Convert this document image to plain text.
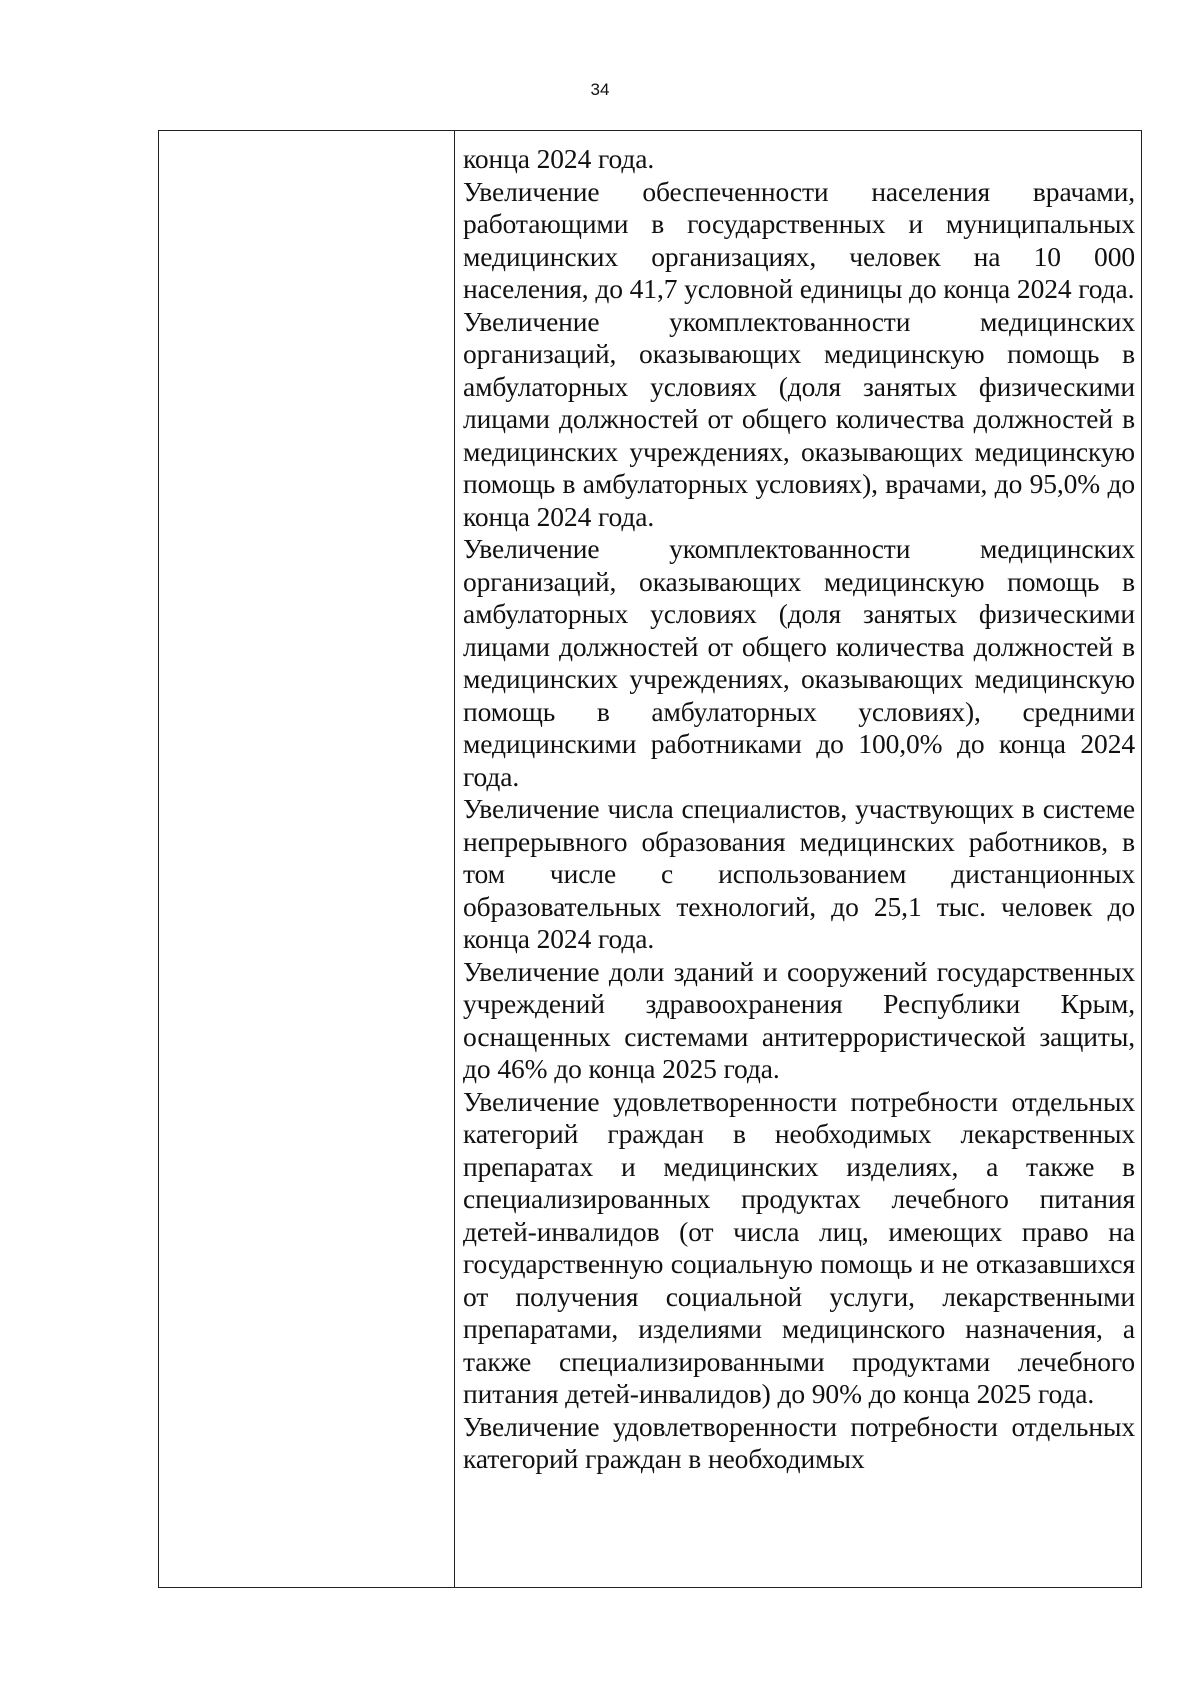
34

конца 2024 года.

Увеличение обеспеченности населения врачами, работающими в государственных и муниципальных медицинских организациях, человек на 10 000 населения, до 41,7 условной единицы до конца 2024 года.

Увеличение укомплектованности медицинских организаций, оказывающих медицинскую помощь в амбулаторных условиях (доля занятых физическими лицами должностей от общего количества должностей в медицинских учреждениях, оказывающих медицинскую помощь в амбулаторных условиях), врачами, до 95,0% до конца 2024 года.

Увеличение укомплектованности медицинских организаций, оказывающих медицинскую помощь в амбулаторных условиях (доля занятых физическими лицами должностей от общего количества должностей в медицинских учреждениях, оказывающих медицинскую помощь в амбулаторных условиях), средними медицинскими работниками до 100,0% до конца 2024 года.

Увеличение числа специалистов, участвующих в системе непрерывного образования медицинских работников, в том числе с использованием дистанционных образовательных технологий, до 25,1 тыс. человек до конца 2024 года.

Увеличение доли зданий и сооружений государственных учреждений здравоохранения Республики Крым, оснащенных системами антитеррористической защиты, до 46% до конца 2025 года.

Увеличение удовлетворенности потребности отдельных категорий граждан в необходимых лекарственных препаратах и медицинских изделиях, а также в специализированных продуктах лечебного питания детей-инвалидов (от числа лиц, имеющих право на государственную социальную помощь и не отказавшихся от получения социальной услуги, лекарственными препаратами, изделиями медицинского назначения, а также специализированными продуктами лечебного питания детей-инвалидов) до 90% до конца 2025 года.

Увеличение удовлетворенности потребности отдельных категорий граждан в необходимых
